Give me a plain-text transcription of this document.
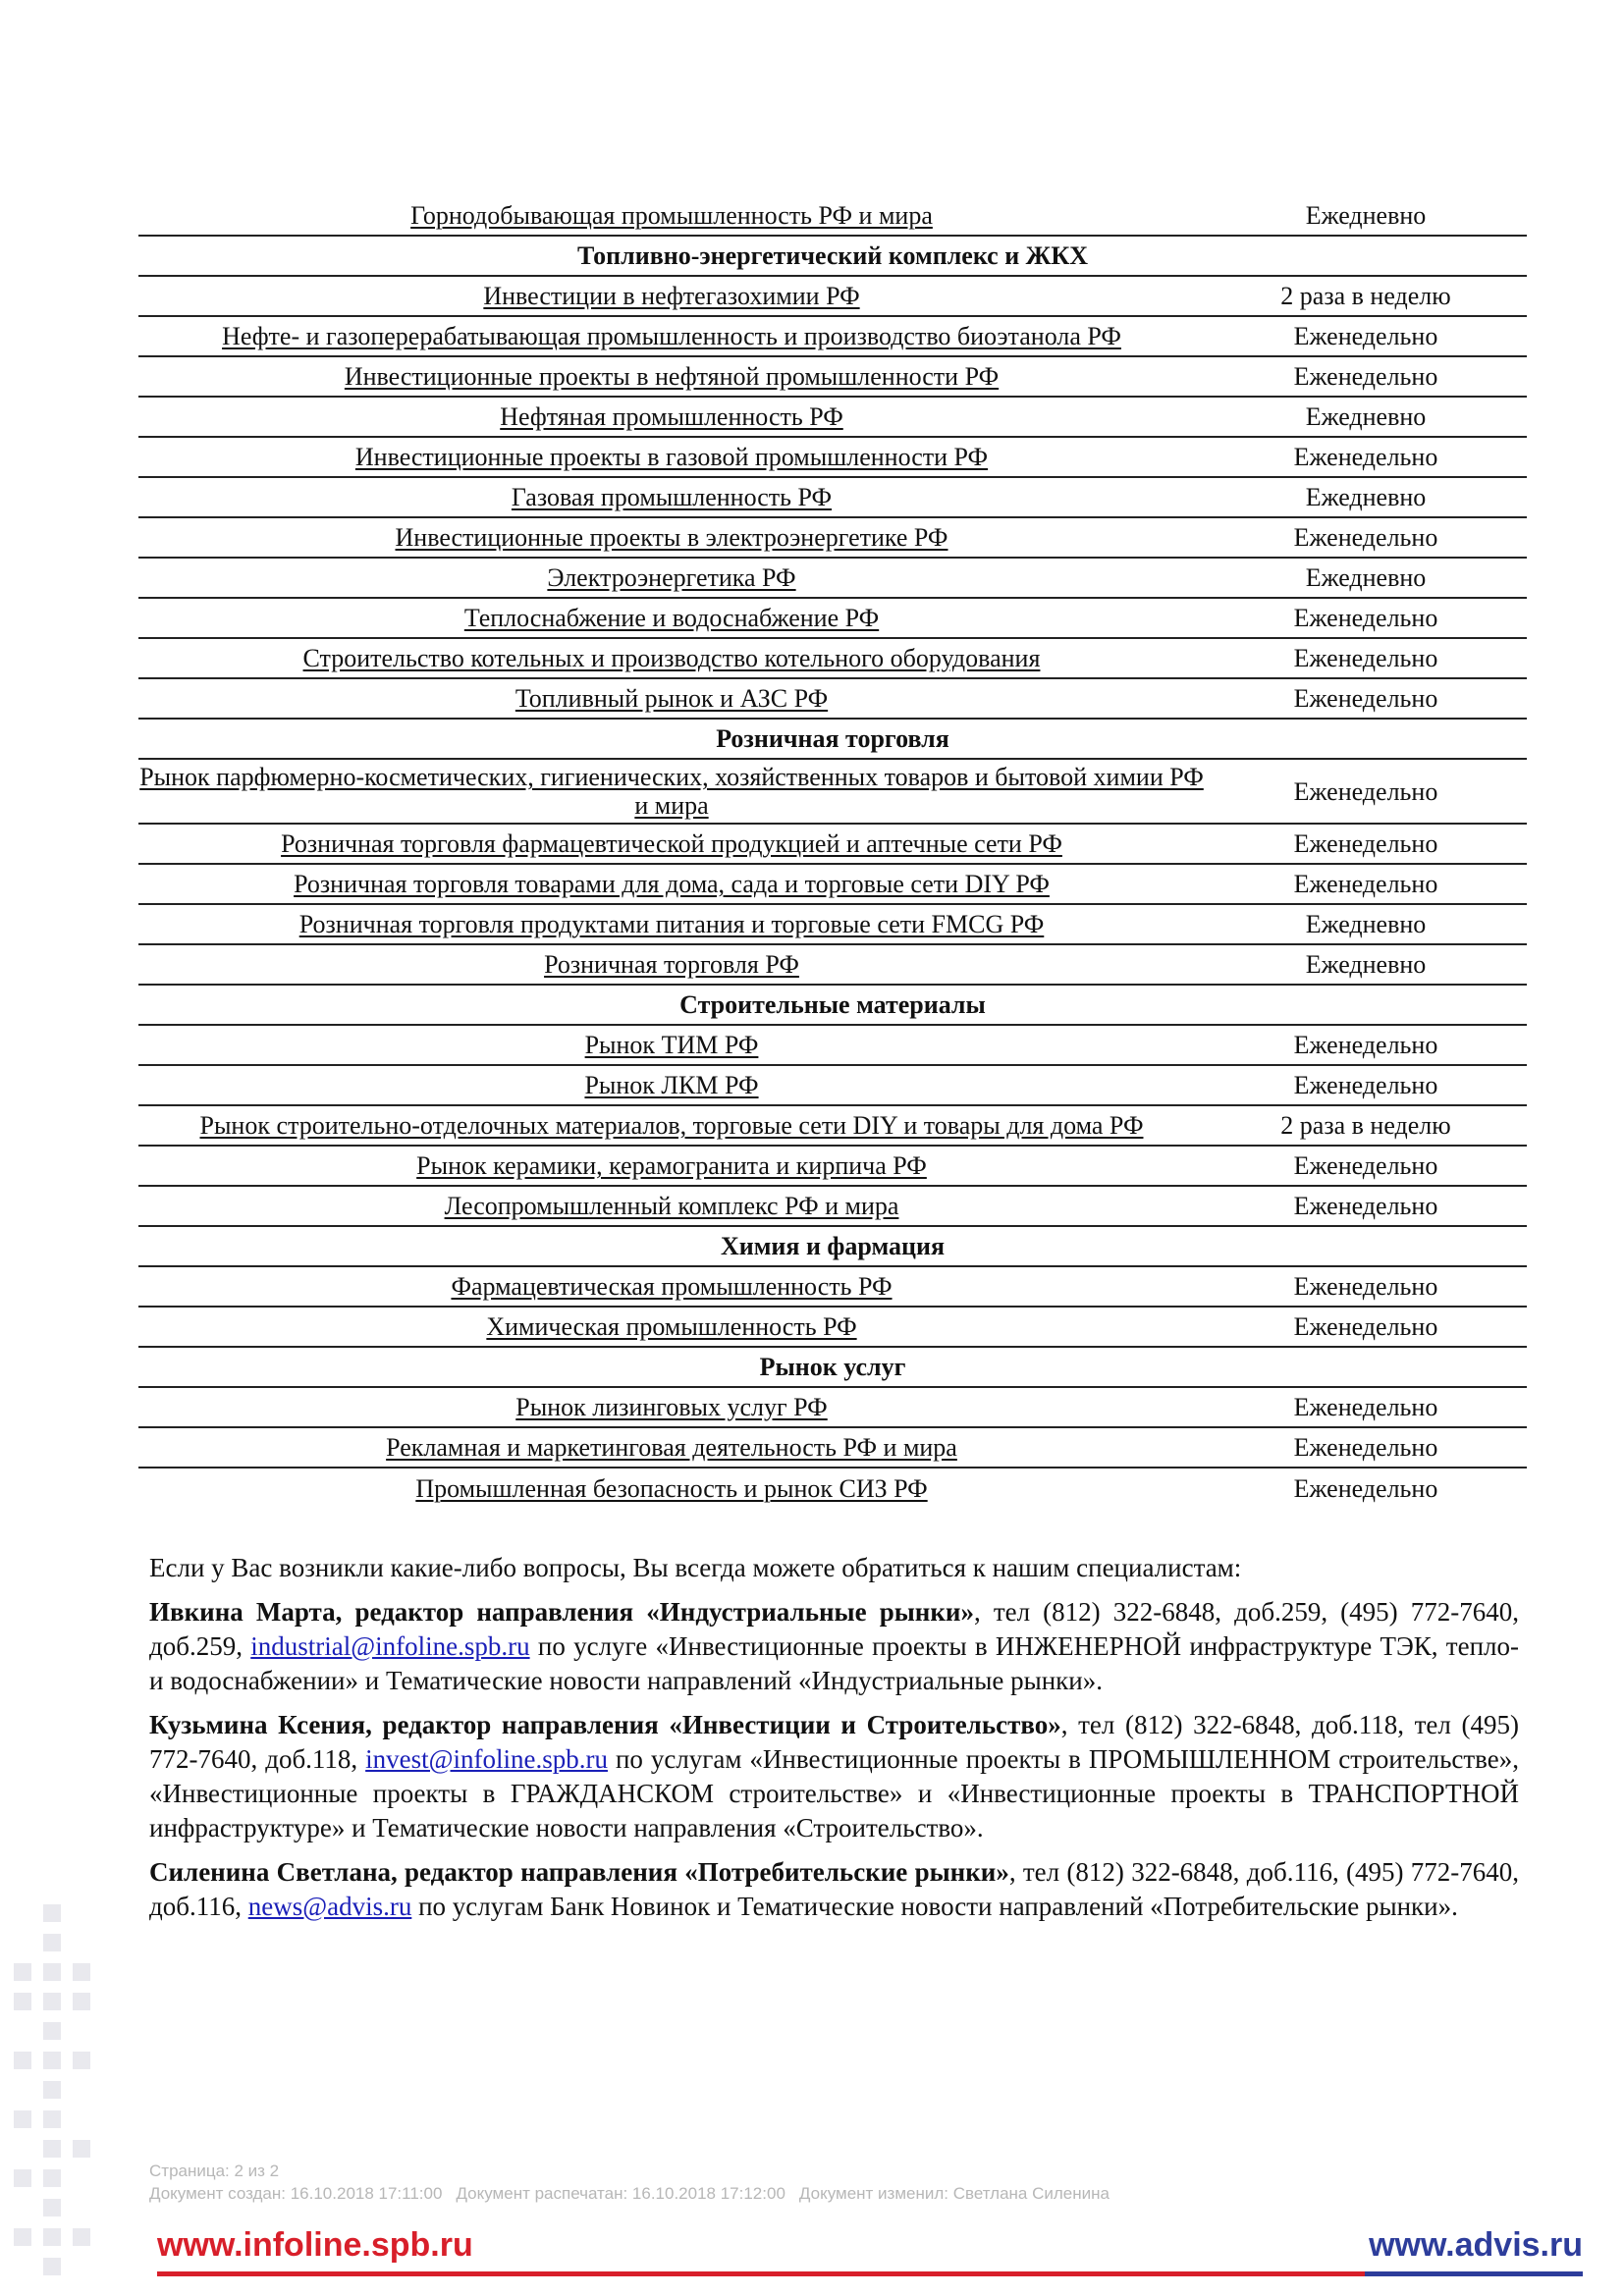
Горнодобывающая промышленность РФ и мира	Ежедневно
Топливно-энергетический комплекс и ЖКХ	
Инвестиции в нефтегазохимии РФ	2 раза в неделю
Нефте- и газоперерабатывающая промышленность и производство биоэтанола РФ	Еженедельно
Инвестиционные проекты в нефтяной промышленности РФ	Еженедельно
Нефтяная промышленность РФ	Ежедневно
Инвестиционные проекты в газовой промышленности РФ	Еженедельно
Газовая промышленность РФ	Ежедневно
Инвестиционные проекты в электроэнергетике РФ	Еженедельно
Электроэнергетика РФ	Ежедневно
Теплоснабжение и водоснабжение РФ	Еженедельно
Строительство котельных и производство котельного оборудования	Еженедельно
Топливный рынок и АЗС РФ	Еженедельно
Розничная торговля	
Рынок парфюмерно-косметических, гигиенических, хозяйственных товаров и бытовой химии РФ и мира	Еженедельно
Розничная торговля фармацевтической продукцией и аптечные сети РФ	Еженедельно
Розничная торговля товарами для дома, сада и торговые сети DIY РФ	Еженедельно
Розничная торговля продуктами питания и торговые сети FMCG РФ	Ежедневно
Розничная торговля РФ	Ежедневно
Строительные материалы	
Рынок ТИМ РФ	Еженедельно
Рынок ЛКМ РФ	Еженедельно
Рынок строительно-отделочных материалов, торговые сети DIY и товары для дома РФ	2 раза в неделю
Рынок керамики, керамогранита и кирпича РФ	Еженедельно
Лесопромышленный комплекс РФ и мира	Еженедельно
Химия и фармация	
Фармацевтическая промышленность РФ	Еженедельно
Химическая промышленность РФ	Еженедельно
Рынок услуг	
Рынок лизинговых услуг РФ	Еженедельно
Рекламная и маркетинговая деятельность РФ и мира	Еженедельно
Промышленная безопасность и рынок СИЗ РФ	Еженедельно

Если у Вас возникли какие-либо вопросы, Вы всегда можете обратиться к нашим специалистам:

Ивкина Марта, редактор направления «Индустриальные рынки», тел (812) 322-6848, доб.259, (495) 772-7640, доб.259, industrial@infoline.spb.ru по услуге «Инвестиционные проекты в ИНЖЕНЕРНОЙ инфраструктуре ТЭК, тепло- и водоснабжении» и Тематические новости направлений «Индустриальные рынки».

Кузьмина Ксения, редактор направления «Инвестиции и Строительство», тел (812) 322-6848, доб.118, тел (495) 772-7640, доб.118, invest@infoline.spb.ru по услугам «Инвестиционные проекты в ПРОМЫШЛЕННОМ строительстве», «Инвестиционные проекты в ГРАЖДАНСКОМ строительстве» и «Инвестиционные проекты в ТРАНСПОРТНОЙ инфраструктуре» и Тематические новости направления «Строительство».

Силенина Светлана, редактор направления «Потребительские рынки», тел (812) 322-6848, доб.116, (495) 772-7640, доб.116, news@advis.ru по услугам Банк Новинок и Тематические новости направлений «Потребительские рынки».

Страница: 2 из 2
Документ создан: 16.10.2018 17:11:00 Документ распечатан: 16.10.2018 17:12:00 Документ изменил: Светлана Силенина
www.infoline.spb.ru	www.advis.ru
